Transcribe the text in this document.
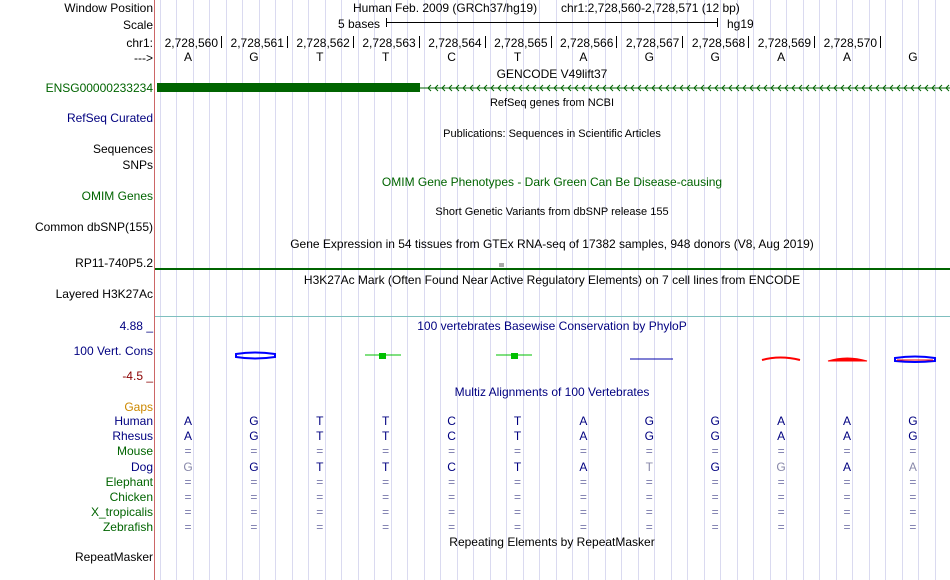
Window Position
Scale
chr1:
--->
Human Feb. 2009 (GRCh37/hg19) chr1:2,728,560-2,728,571 (12 bp)
5 bases	hg19
2,728,560 2,728,561 2,728,562 2,728,563 2,728,564 2,728,565 2,728,566 2,728,567 2,728,568 2,728,569 2,728,570
A	G	T	T	C	T	A	G	G	A	A	G
GENCODE V49lift37
ENSG00000233234
RefSeq genes from NCBI
RefSeq Curated
Publications: Sequences in Scientific Articles
Sequences
SNPs
OMIM Gene Phenotypes - Dark Green Can Be Disease-causing
OMIM Genes
Short Genetic Variants from dbSNP release 155
Common dbSNP(155)
Gene Expression in 54 tissues from GTEx RNA-seq of 17382 samples, 948 donors (V8, Aug 2019)
RP11-740P5.2
H3K27Ac Mark (Often Found Near Active Regulatory Elements) on 7 cell lines from ENCODE
Layered H3K27Ac
4.88 _	100 vertebrates Basewise Conservation by PhyloP
100 Vert. Cons
-4.5 _
Multiz Alignments of 100 Vertebrates
Gaps
Human	A	G	T	T	C	T	A	G	G	A	A	G
Rhesus	A	G	T	T	C	T	A	G	G	A	A	G
Mouse	=	=	=	=	=	=	=	=	=	=	=	=
Dog	G	G	T	T	C	T	A	T	G	G	A	A
Elephant	=	=	=	=	=	=	=	=	=	=	=	=
Chicken	=	=	=	=	=	=	=	=	=	=	=	=
X_tropicalis	=	=	=	=	=	=	=	=	=	=	=	=
Zebrafish	=	=	=	=	=	=	=	=	=	=	=	=
Repeating Elements by RepeatMasker
RepeatMasker
